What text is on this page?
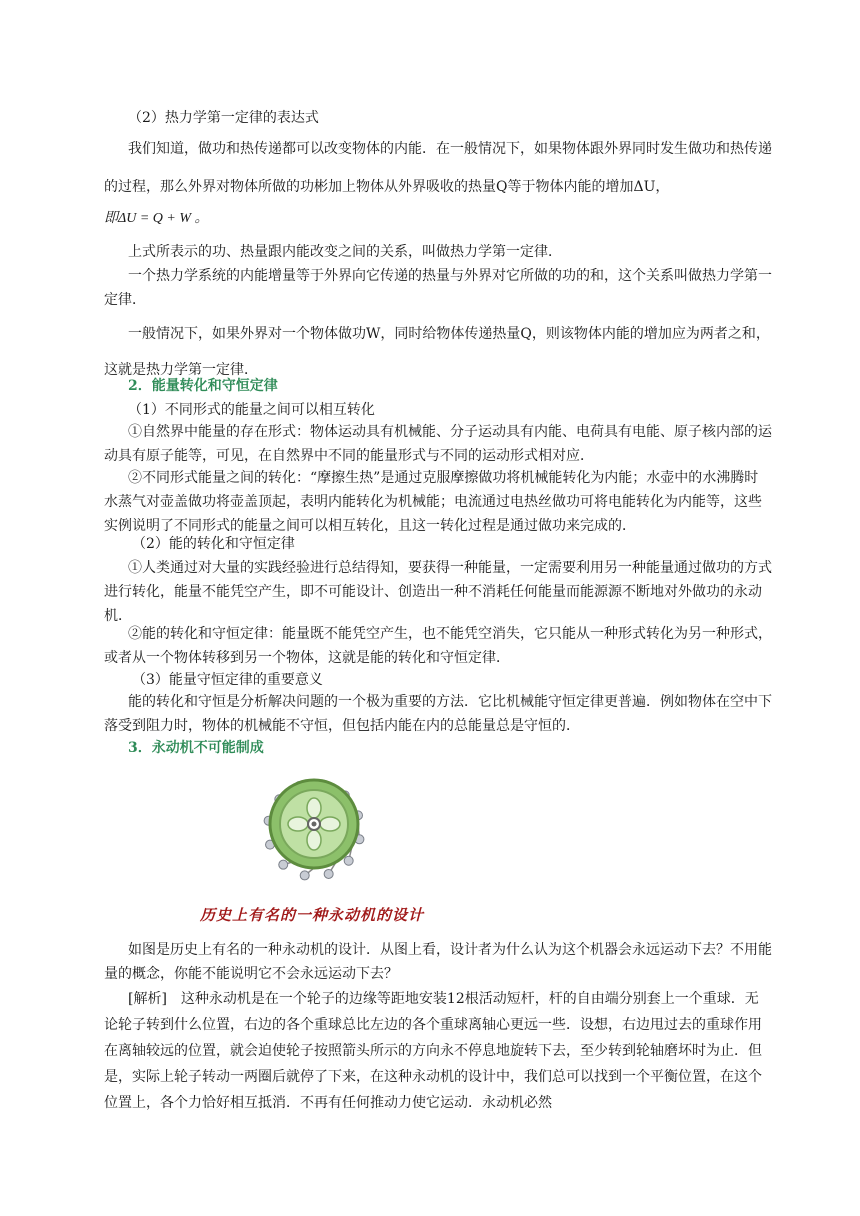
（2）热力学第一定律的表达式

我们知道，做功和热传递都可以改变物体的内能．在一般情况下，如果物体跟外界同时发生做功和热传递的过程，那么外界对物体所做的功彬加上物体从外界吸收的热量Q等于物体内能的增加ΔU，

即ΔU = Q + W 。

上式所表示的功、热量跟内能改变之间的关系，叫做热力学第一定律．

一个热力学系统的内能增量等于外界向它传递的热量与外界对它所做的功的和，这个关系叫做热力学第一定律．

一般情况下，如果外界对一个物体做功W，同时给物体传递热量Q，则该物体内能的增加应为两者之和，这就是热力学第一定律．

2．能量转化和守恒定律

（1）不同形式的能量之间可以相互转化

①自然界中能量的存在形式：物体运动具有机械能、分子运动具有内能、电荷具有电能、原子核内部的运动具有原子能等，可见，在自然界中不同的能量形式与不同的运动形式相对应．

②不同形式能量之间的转化：“摩擦生热”是通过克服摩擦做功将机械能转化为内能；水壶中的水沸腾时水蒸气对壶盖做功将壶盖顶起，表明内能转化为机械能；电流通过电热丝做功可将电能转化为内能等，这些实例说明了不同形式的能量之间可以相互转化，且这一转化过程是通过做功来完成的．

（2）能的转化和守恒定律

①人类通过对大量的实践经验进行总结得知，要获得一种能量，一定需要利用另一种能量通过做功的方式进行转化，能量不能凭空产生，即不可能设计、创造出一种不消耗任何能量而能源源不断地对外做功的永动机．

②能的转化和守恒定律：能量既不能凭空产生，也不能凭空消失，它只能从一种形式转化为另一种形式，或者从一个物体转移到另一个物体，这就是能的转化和守恒定律．

（3）能量守恒定律的重要意义

能的转化和守恒是分析解决问题的一个极为重要的方法．它比机械能守恒定律更普遍．例如物体在空中下落受到阻力时，物体的机械能不守恒，但包括内能在内的总能量总是守恒的．

3．永动机不可能制成

历史上有名的一种永动机的设计

如图是历史上有名的一种永动机的设计．从图上看，设计者为什么认为这个机器会永远运动下去？不用能量的概念，你能不能说明它不会永远运动下去？

[解析]　这种永动机是在一个轮子的边缘等距地安装12根活动短杆，杆的自由端分别套上一个重球．无论轮子转到什么位置，右边的各个重球总比左边的各个重球离轴心更远一些．设想，右边甩过去的重球作用在离轴较远的位置，就会迫使轮子按照箭头所示的方向永不停息地旋转下去，至少转到轮轴磨坏时为止．但是，实际上轮子转动一两圈后就停了下来，在这种永动机的设计中，我们总可以找到一个平衡位置，在这个位置上，各个力恰好相互抵消．不再有任何推动力使它运动．永动机必然
